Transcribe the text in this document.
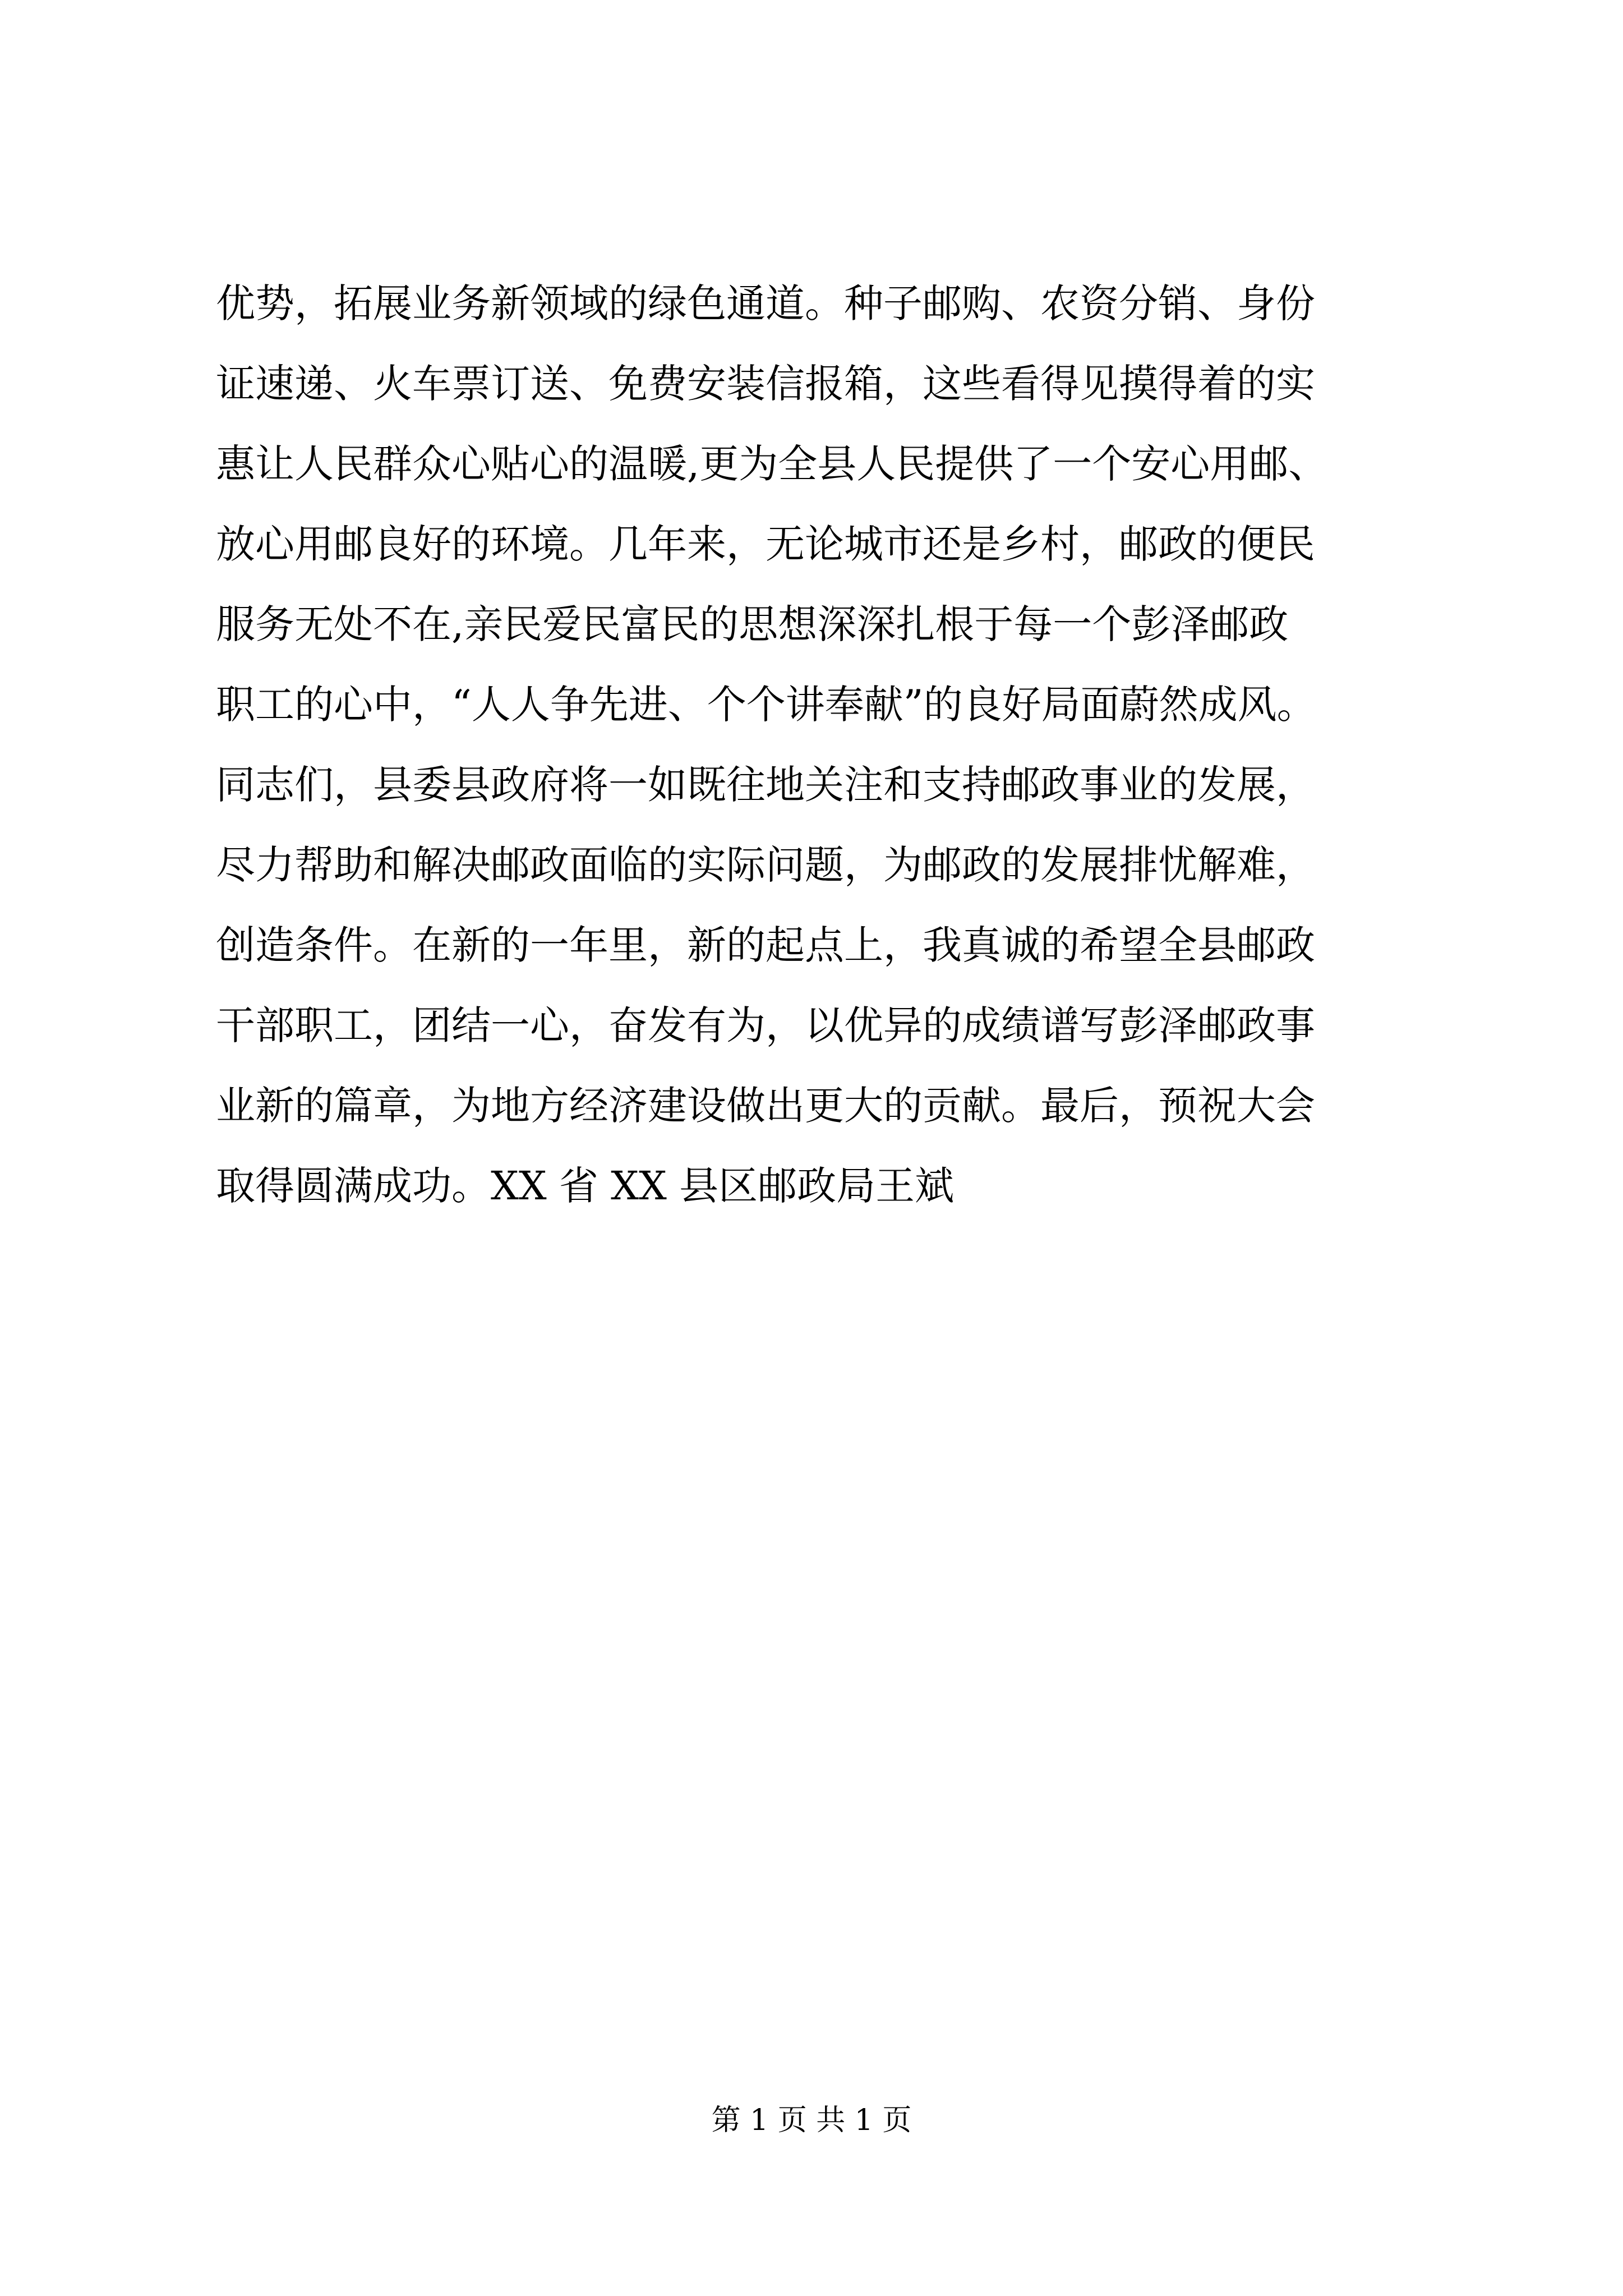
优势，拓展业务新领域的绿色通道。种子邮购、农资分销、身份
证速递、火车票订送、免费安装信报箱，这些看得见摸得着的实
惠让人民群众心贴心的温暖,更为全县人民提供了一个安心用邮、
放心用邮良好的环境。几年来，无论城市还是乡村，邮政的便民
服务无处不在,亲民爱民富民的思想深深扎根于每一个彭泽邮政
职工的心中，“人人争先进、个个讲奉献”的良好局面蔚然成风。
同志们，县委县政府将一如既往地关注和支持邮政事业的发展，
尽力帮助和解决邮政面临的实际问题，为邮政的发展排忧解难，
创造条件。在新的一年里，新的起点上，我真诚的希望全县邮政
干部职工，团结一心，奋发有为，以优异的成绩谱写彭泽邮政事
业新的篇章，为地方经济建设做出更大的贡献。最后，预祝大会
取得圆满成功。XX 省 XX 县区邮政局王斌
第 1 页 共 1 页
